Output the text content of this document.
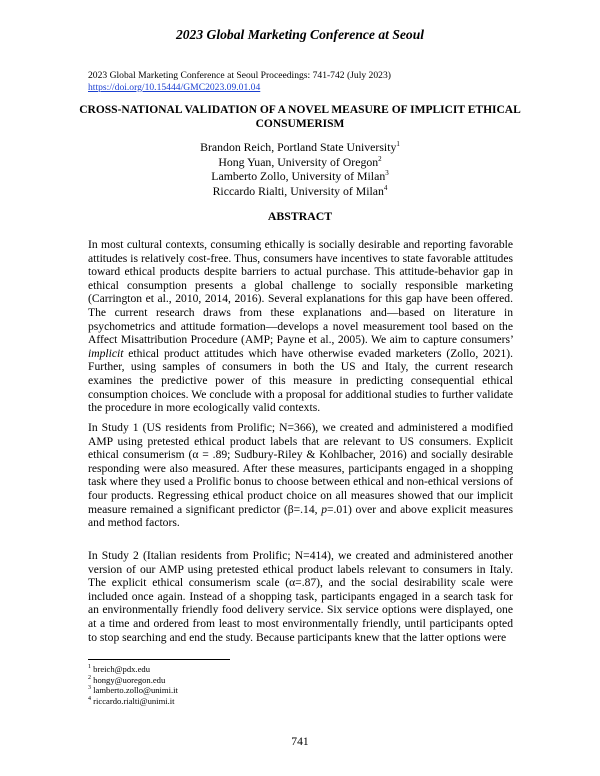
2023 Global Marketing Conference at Seoul
2023 Global Marketing Conference at Seoul Proceedings: 741-742 (July 2023)
https://doi.org/10.15444/GMC2023.09.01.04
CROSS-NATIONAL VALIDATION OF A NOVEL MEASURE OF IMPLICIT ETHICAL CONSUMERISM
Brandon Reich, Portland State University$^1$
Hong Yuan, University of Oregon$^2$
Lamberto Zollo, University of Milan$^3$
Riccardo Rialti, University of Milan$^4$
ABSTRACT
In most cultural contexts, consuming ethically is socially desirable and reporting favorable attitudes is relatively cost-free. Thus, consumers have incentives to state favorable attitudes toward ethical products despite barriers to actual purchase. This attitude-behavior gap in ethical consumption presents a global challenge to socially responsible marketing (Carrington et al., 2010, 2014, 2016). Several explanations for this gap have been offered. The current research draws from these explanations and—based on literature in psychometrics and attitude formation—develops a novel measurement tool based on the Affect Misattribution Procedure (AMP; Payne et al., 2005). We aim to capture consumers’ implicit ethical product attitudes which have otherwise evaded marketers (Zollo, 2021). Further, using samples of consumers in both the US and Italy, the current research examines the predictive power of this measure in predicting consequential ethical consumption choices. We conclude with a proposal for additional studies to further validate the procedure in more ecologically valid contexts.
In Study 1 (US residents from Prolific; N=366), we created and administered a modified AMP using pretested ethical product labels that are relevant to US consumers. Explicit ethical consumerism (α = .89; Sudbury-Riley & Kohlbacher, 2016) and socially desirable responding were also measured. After these measures, participants engaged in a shopping task where they used a Prolific bonus to choose between ethical and non-ethical versions of four products. Regressing ethical product choice on all measures showed that our implicit measure remained a significant predictor (β=.14, p=.01) over and above explicit measures and method factors.
In Study 2 (Italian residents from Prolific; N=414), we created and administered another version of our AMP using pretested ethical product labels relevant to consumers in Italy. The explicit ethical consumerism scale (α=.87), and the social desirability scale were included once again. Instead of a shopping task, participants engaged in a search task for an environmentally friendly food delivery service. Six service options were displayed, one at a time and ordered from least to most environmentally friendly, until participants opted to stop searching and end the study. Because participants knew that the latter options were
$^1$ breich@pdx.edu
$^2$ hongy@uoregon.edu
$^3$ lamberto.zollo@unimi.it
$^4$ riccardo.rialti@unimi.it
741
